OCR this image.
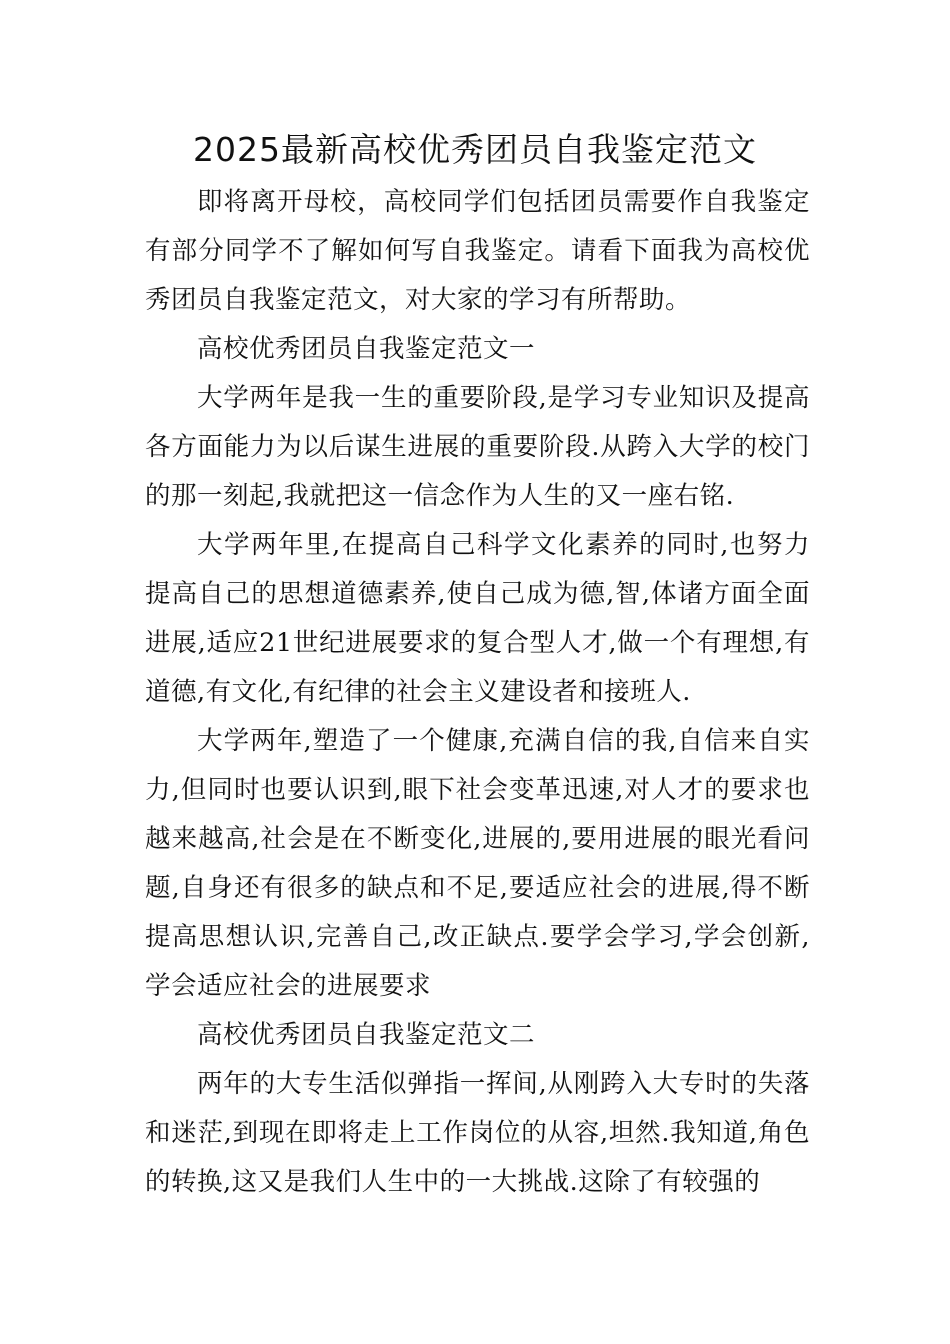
2025最新高校优秀团员自我鉴定范文

即将离开母校，高校同学们包括团员需要作自我鉴定有部分同学不了解如何写自我鉴定。请看下面我为高校优秀团员自我鉴定范文，对大家的学习有所帮助。

高校优秀团员自我鉴定范文一

大学两年是我一生的重要阶段,是学习专业知识及提高各方面能力为以后谋生进展的重要阶段.从跨入大学的校门的那一刻起,我就把这一信念作为人生的又一座右铭.

大学两年里,在提高自己科学文化素养的同时,也努力提高自己的思想道德素养,使自己成为德,智,体诸方面全面进展,适应21世纪进展要求的复合型人才,做一个有理想,有道德,有文化,有纪律的社会主义建设者和接班人.

大学两年,塑造了一个健康,充满自信的我,自信来自实力,但同时也要认识到,眼下社会变革迅速,对人才的要求也越来越高,社会是在不断变化,进展的,要用进展的眼光看问题,自身还有很多的缺点和不足,要适应社会的进展,得不断提高思想认识,完善自己,改正缺点.要学会学习,学会创新,学会适应社会的进展要求

高校优秀团员自我鉴定范文二

两年的大专生活似弹指一挥间,从刚跨入大专时的失落和迷茫,到现在即将走上工作岗位的从容,坦然.我知道,角色的转换,这又是我们人生中的一大挑战.这除了有较强的
